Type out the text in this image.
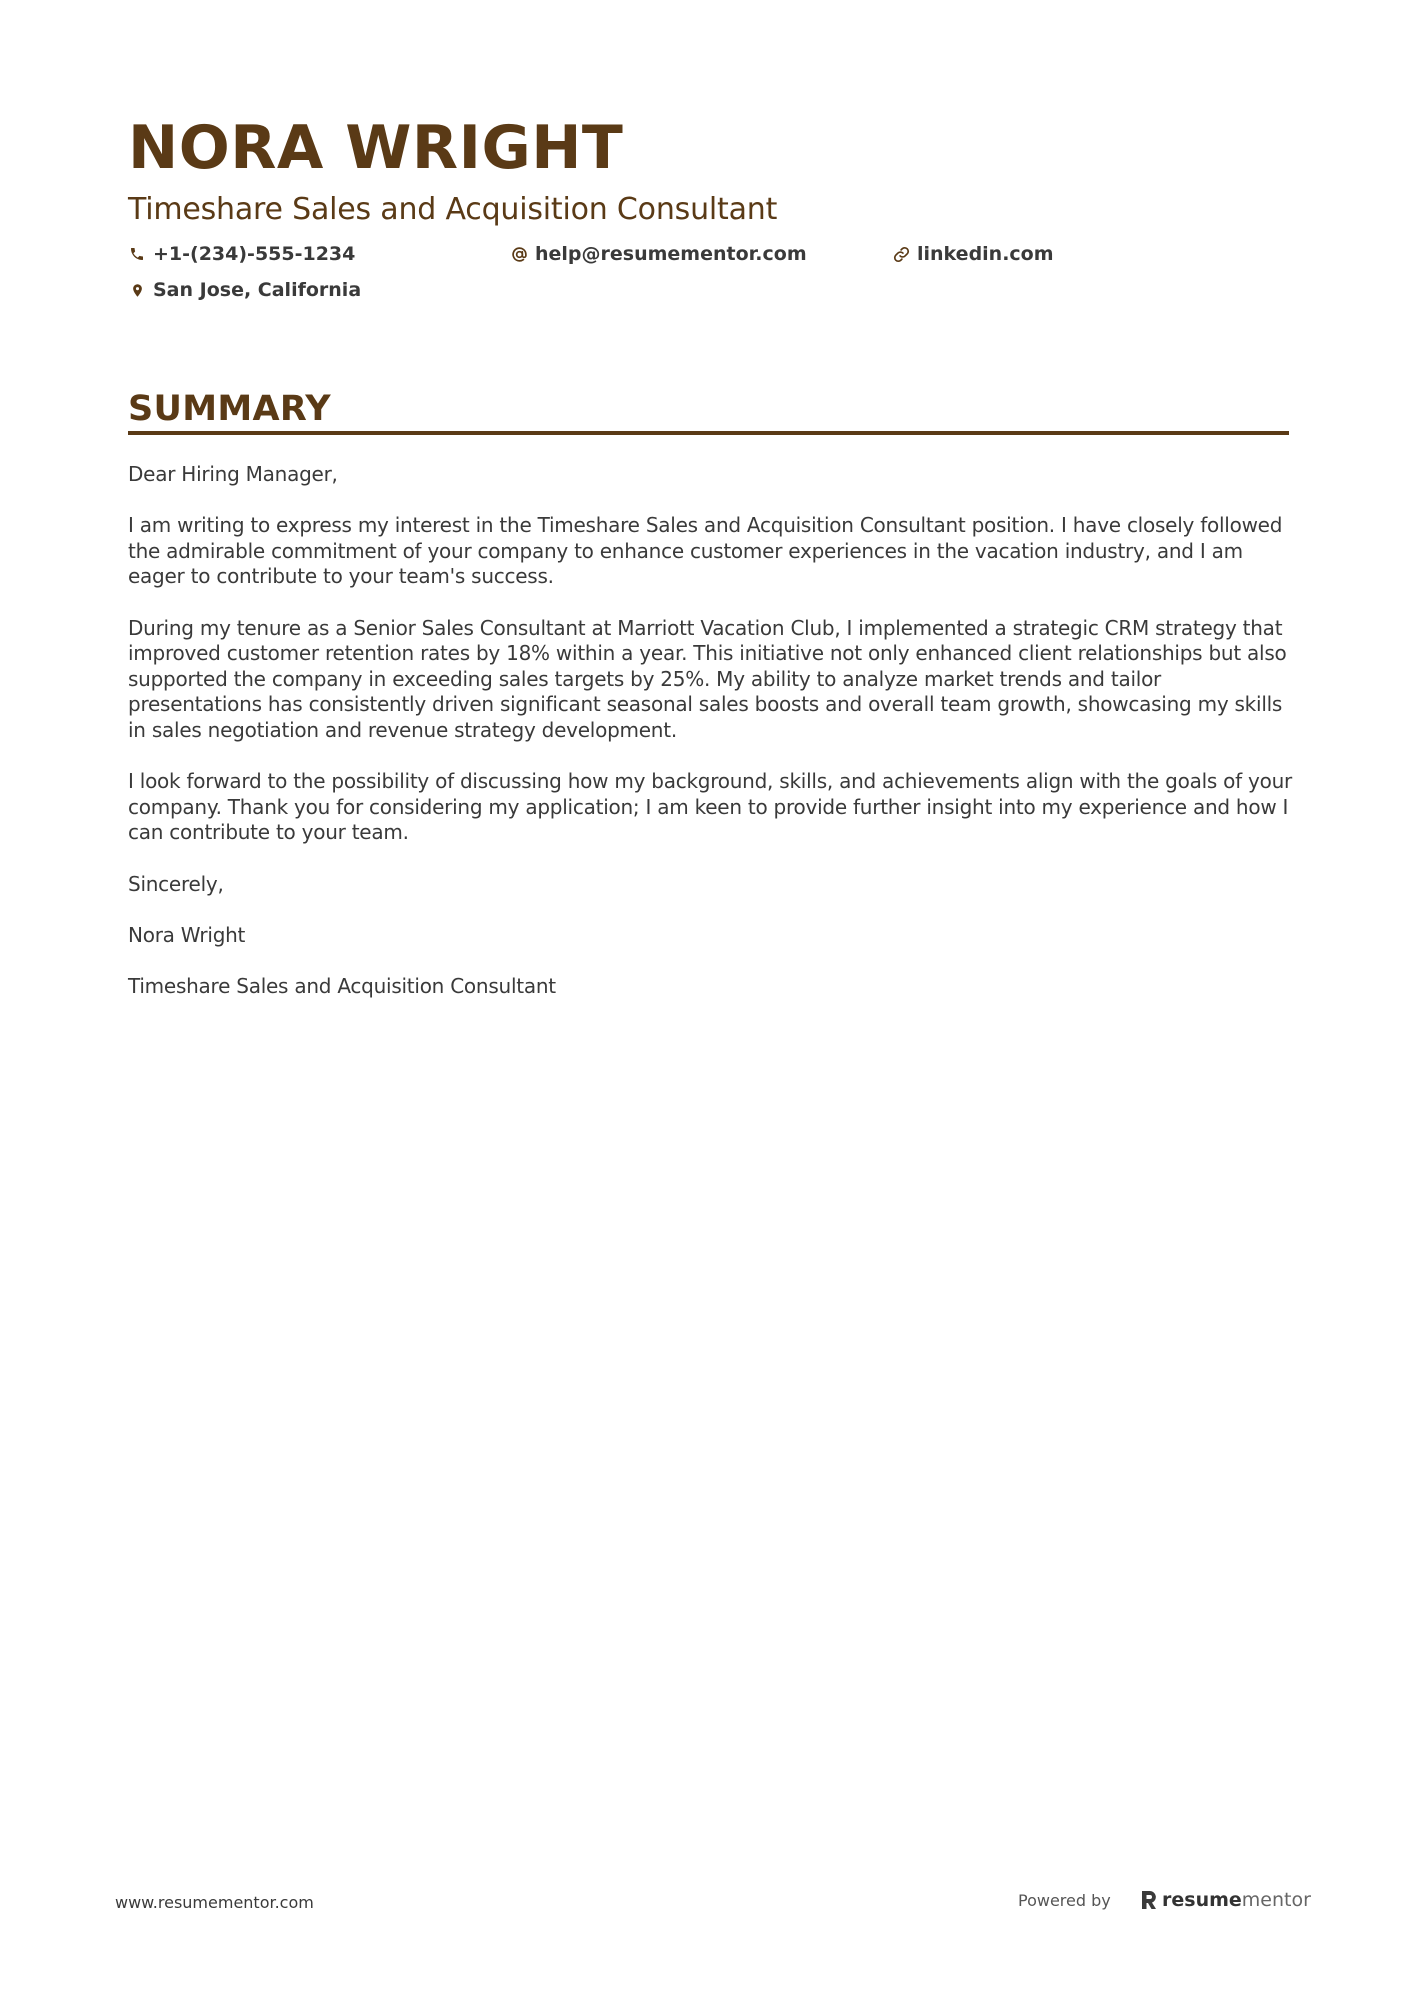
NORA WRIGHT
Timeshare Sales and Acquisition Consultant
+1-(234)-555-1234	help@resumementor.com	linkedin.com
San Jose, California
SUMMARY

Dear Hiring Manager,

I am writing to express my interest in the Timeshare Sales and Acquisition Consultant position. I have closely followed the admirable commitment of your company to enhance customer experiences in the vacation industry, and I am eager to contribute to your team's success.

During my tenure as a Senior Sales Consultant at Marriott Vacation Club, I implemented a strategic CRM strategy that improved customer retention rates by 18% within a year. This initiative not only enhanced client relationships but also supported the company in exceeding sales targets by 25%. My ability to analyze market trends and tailor presentations has consistently driven significant seasonal sales boosts and overall team growth, showcasing my skills in sales negotiation and revenue strategy development.

I look forward to the possibility of discussing how my background, skills, and achievements align with the goals of your company. Thank you for considering my application; I am keen to provide further insight into my experience and how I can contribute to your team.

Sincerely,

Nora Wright

Timeshare Sales and Acquisition Consultant

www.resumementor.com	Powered by	resume mentor
